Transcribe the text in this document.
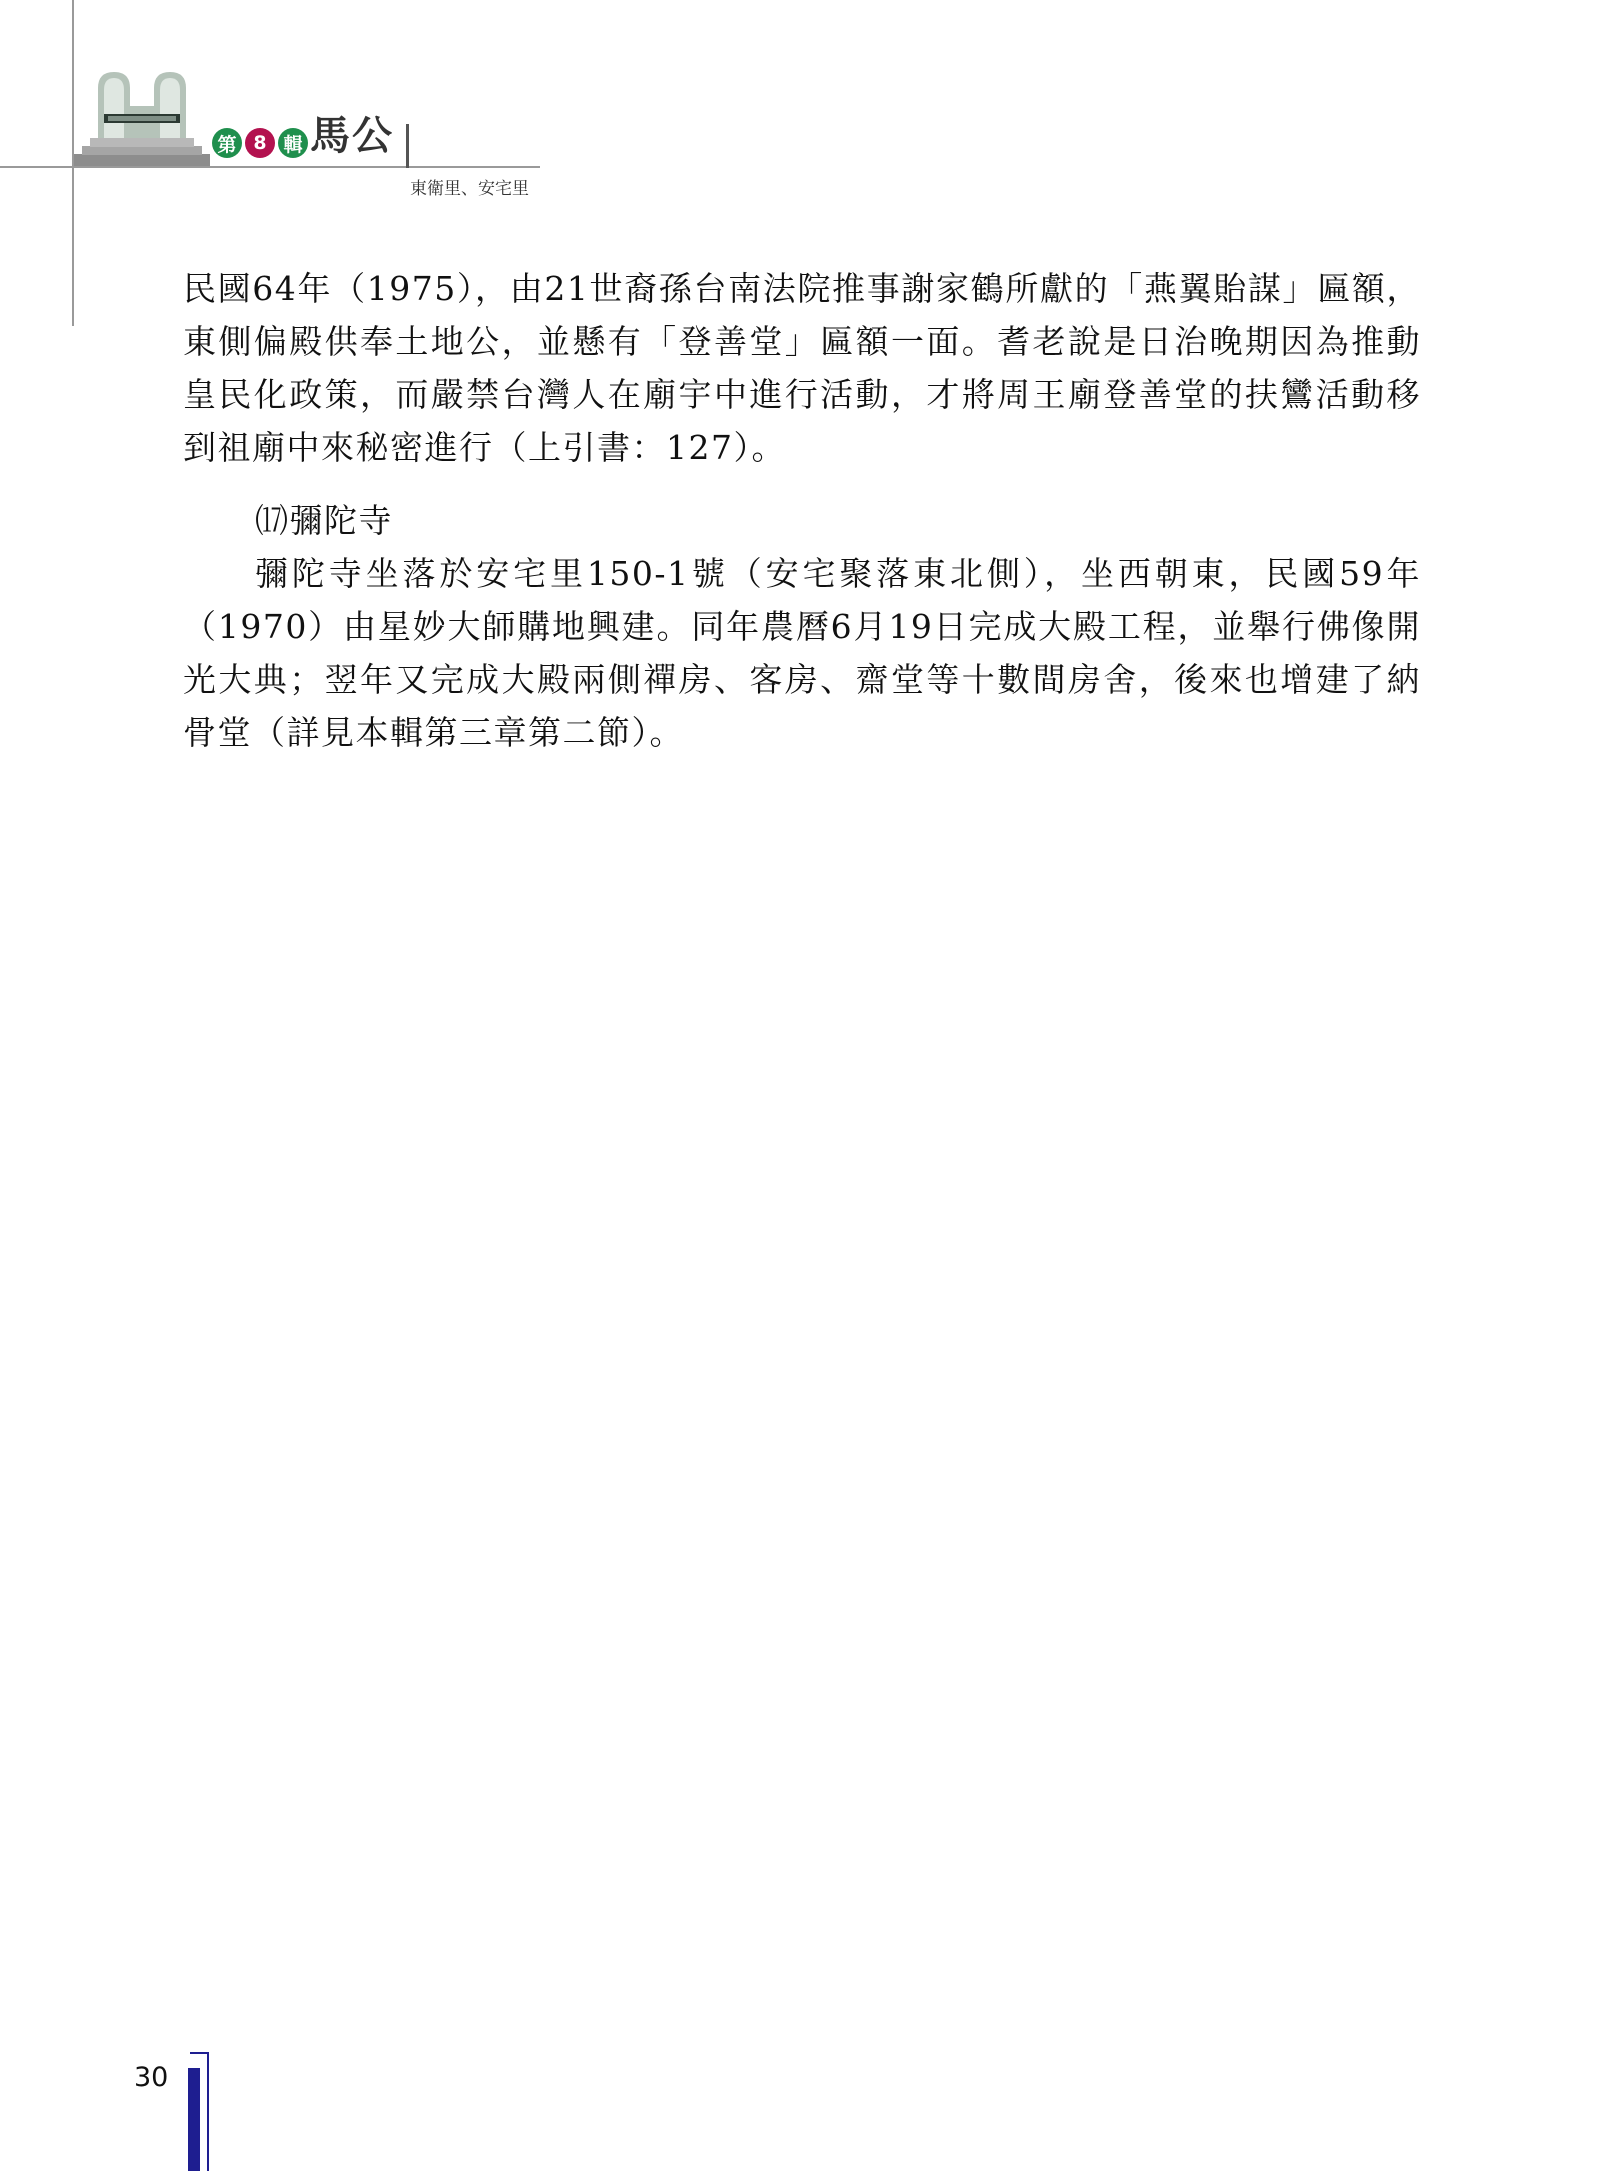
第 8 輯 馬公
東衛里、安宅里

民國64年（1975），由21世裔孫台南法院推事謝家鶴所獻的「燕翼貽謀」匾額，東側偏殿供奉土地公，並懸有「登善堂」匾額一面。耆老說是日治晚期因為推動皇民化政策，而嚴禁台灣人在廟宇中進行活動，才將周王廟登善堂的扶鸞活動移到祖廟中來秘密進行（上引書：127）。

⒄彌陀寺

彌陀寺坐落於安宅里150-1號（安宅聚落東北側），坐西朝東，民國59年（1970）由星妙大師購地興建。同年農曆6月19日完成大殿工程，並舉行佛像開光大典；翌年又完成大殿兩側禪房、客房、齋堂等十數間房舍，後來也增建了納骨堂（詳見本輯第三章第二節）。

30
